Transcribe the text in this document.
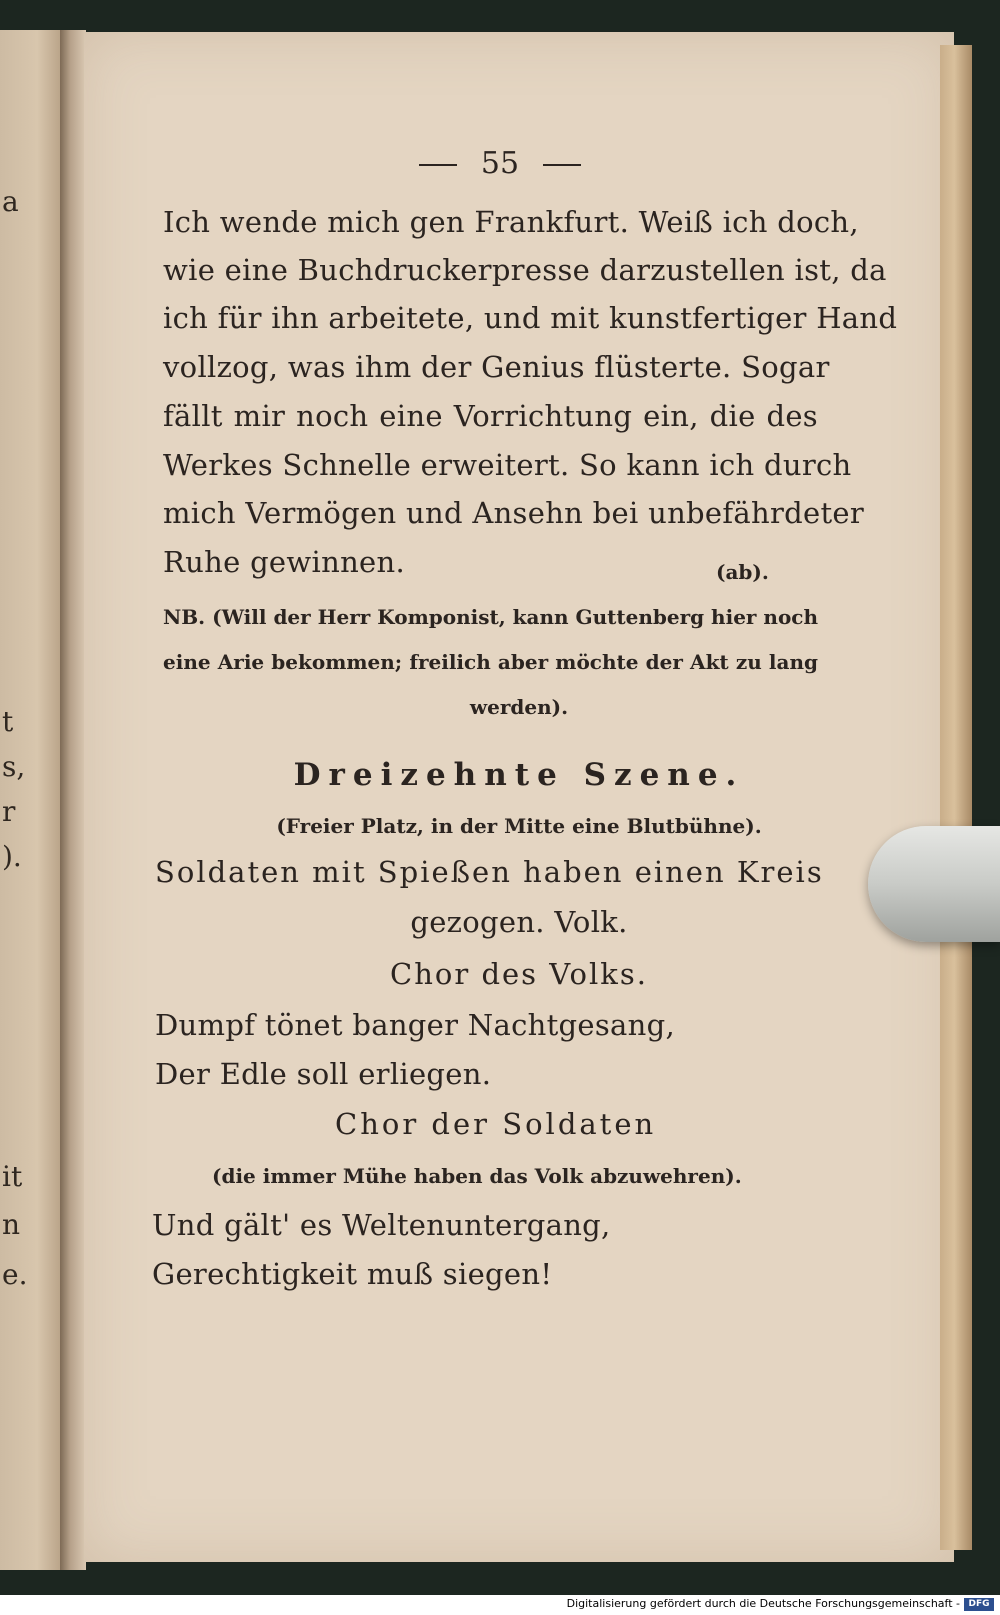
a
t
s,
r
).
it
n
e.
55
Ich wende mich gen Frankfurt. Weiß ich doch,
wie eine Buchdruckerpresse darzustellen ist, da
ich für ihn arbeitete, und mit kunstfertiger Hand
vollzog, was ihm der Genius flüsterte. Sogar
fällt mir noch eine Vorrichtung ein, die des
Werkes Schnelle erweitert. So kann ich durch
mich Vermögen und Ansehn bei unbefährdeter
Ruhe gewinnen.	(ab).
NB. (Will der Herr Komponist, kann Guttenberg hier noch
eine Arie bekommen; freilich aber möchte der Akt zu lang
werden).
Dreizehnte Szene.
(Freier Platz, in der Mitte eine Blutbühne).
Soldaten mit Spießen haben einen Kreis
gezogen. Volk.
Chor des Volks.
Dumpf tönet banger Nachtgesang,
Der Edle soll erliegen.
Chor der Soldaten
(die immer Mühe haben das Volk abzuwehren).
Und gält' es Weltenuntergang,
Gerechtigkeit muß siegen!
Digitalisierung gefördert durch die Deutsche Forschungsgemeinschaft - DFG
